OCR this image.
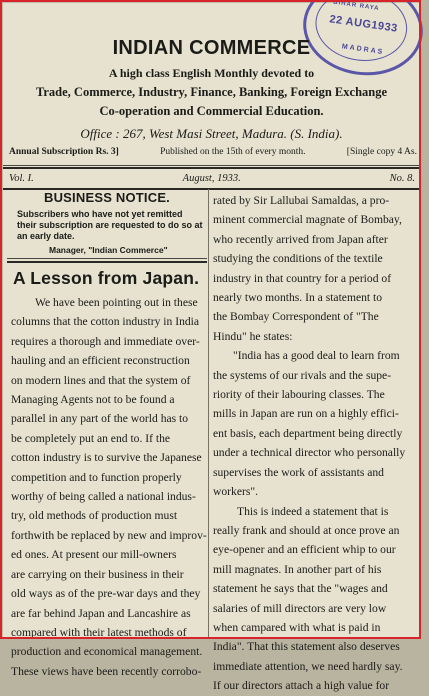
BIHAR RAYA
22 AUG1933
MADRAS
INDIAN COMMERCE
A high class English Monthly devoted to
Trade, Commerce, Industry, Finance, Banking, Foreign Exchange
Co-operation and Commercial Education.
Office : 267, West Masi Street, Madura. (S. India).
Annual Subscription Rs. 3]	Published on the 15th of every month.	[Single copy 4 As.
Vol. I.	August, 1933.	No. 8.
BUSINESS NOTICE.
Subscribers who have not yet remitted
their subscription are requested to do so at
an early date.
Manager, "Indian Commerce"
A Lesson from Japan.
We have been pointing out in these
columns that the cotton industry in India
requires a thorough and immediate over-
hauling and an efficient reconstruction
on modern lines and that the system of
Managing Agents not to be found a
parallel in any part of the world has to
be completely put an end to. If the
cotton industry is to survive the Japanese
competition and to function properly
worthy of being called a national indus-
try, old methods of production must
forthwith be replaced by new and improv-
ed ones. At present our mill-owners
are carrying on their business in their
old ways as of the pre-war days and they
are far behind Japan and Lancashire as
compared with their latest methods of
production and economical management.
These views have been recently corrobo-
rated by Sir Lallubai Samaldas, a pro-
minent commercial magnate of Bombay,
who recently arrived from Japan after
studying the conditions of the textile
industry in that country for a period of
nearly two months. In a statement to
the Bombay Correspondent of "The
Hindu" he states:
"India has a good deal to learn from
the systems of our rivals and the supe-
riority of their labouring classes. The
mills in Japan are run on a highly effici-
ent basis, each department being directly
under a technical director who personally
supervises the work of assistants and
workers".
This is indeed a statement that is
really frank and should at once prove an
eye-opener and an efficient whip to our
mill magnates. In another part of his
statement he says that the "wages and
salaries of mill directors are very low
when campared with what is paid in
India". That this statement also deserves
immediate attention, we need hardly say.
If our directors attach a high value for
